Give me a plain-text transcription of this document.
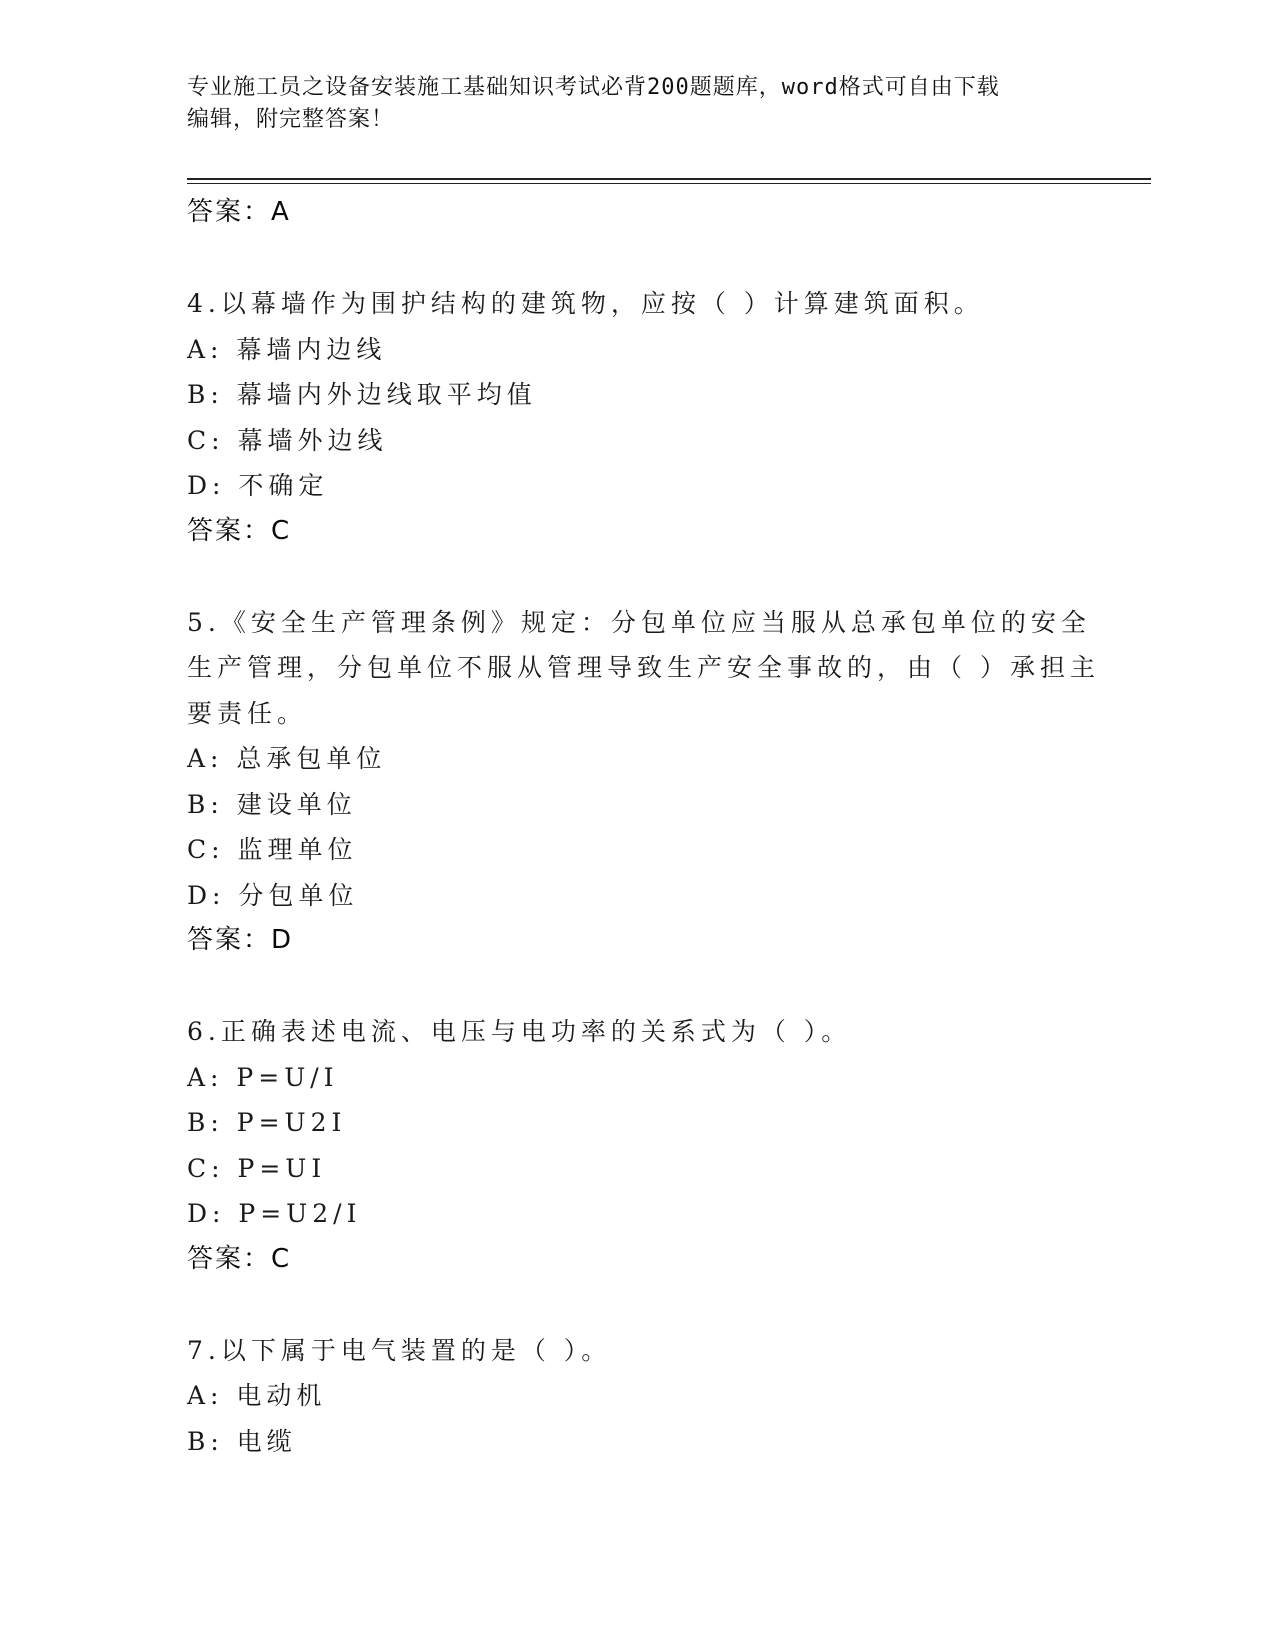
专业施工员之设备安装施工基础知识考试必背200题题库，word格式可自由下载
编辑，附完整答案！
答案：A
4.以幕墙作为围护结构的建筑物，应按（ ）计算建筑面积。
A: 幕墙内边线
B: 幕墙内外边线取平均值
C: 幕墙外边线
D: 不确定
答案：C
5.《安全生产管理条例》规定：分包单位应当服从总承包单位的安全
生产管理，分包单位不服从管理导致生产安全事故的，由（ ）承担主
要责任。
A: 总承包单位
B: 建设单位
C: 监理单位
D: 分包单位
答案：D
6.正确表述电流、电压与电功率的关系式为（ ）。
A: P=U/I
B: P=U2I
C: P=UI
D: P=U2/I
答案：C
7.以下属于电气装置的是（ ）。
A: 电动机
B: 电缆
